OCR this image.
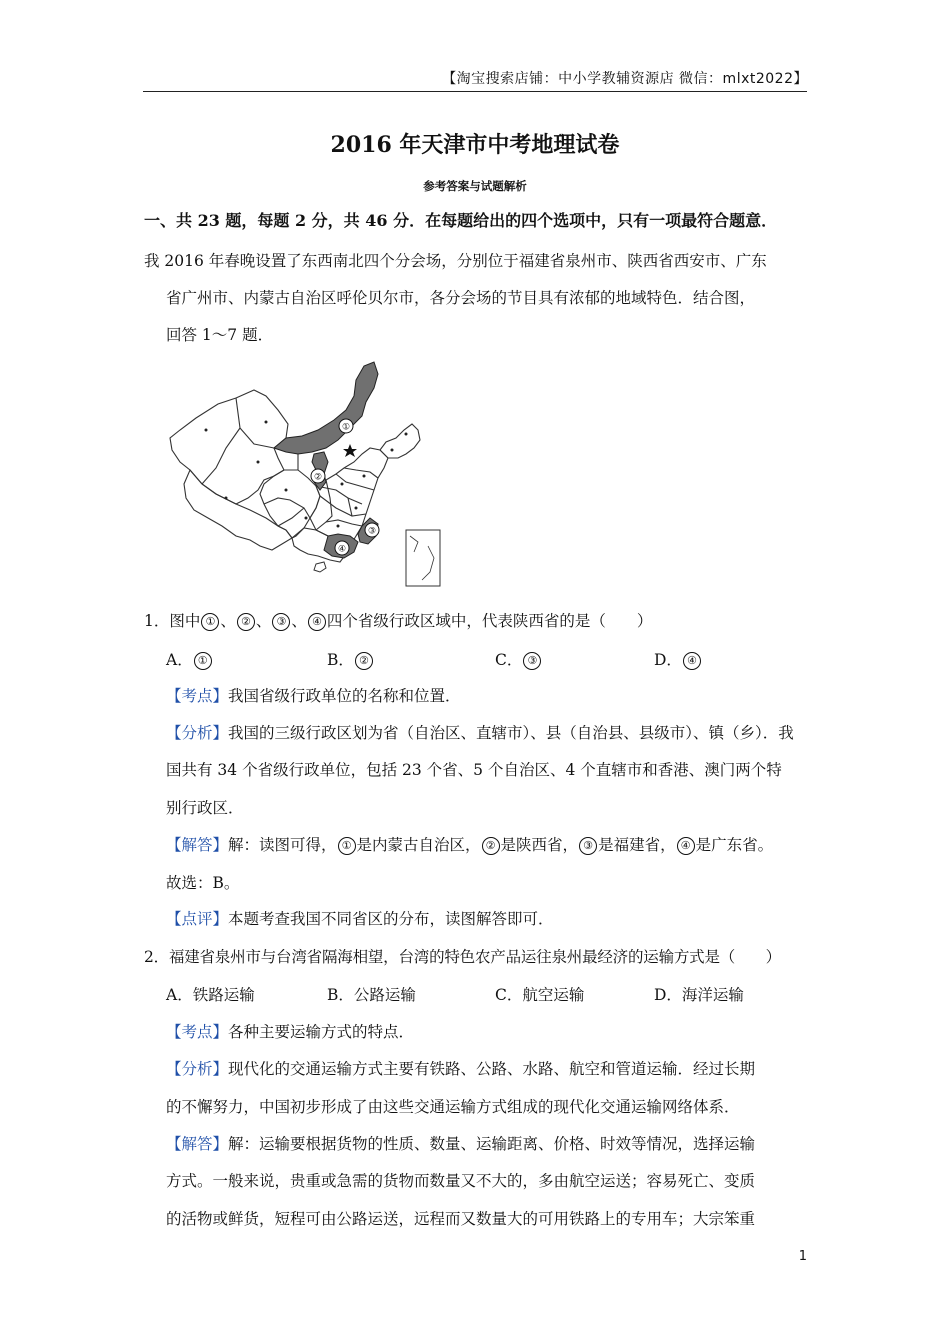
【淘宝搜索店铺：中小学教辅资源店 微信：mlxt2022】
2016 年天津市中考地理试卷
参考答案与试题解析
一、共 23 题，每题 2 分，共 46 分．在每题给出的四个选项中，只有一项最符合题意．
我 2016 年春晚设置了东西南北四个分会场，分别位于福建省泉州市、陕西省西安市、广东
省广州市、内蒙古自治区呼伦贝尔市，各分会场的节目具有浓郁的地域特色．结合图，
回答 1～7 题．
①
②
③
④
1．图中 ① 、 ② 、 ③ 、 ④ 四个省级行政区域中，代表陕西省的是（　　）
A． ①	B． ②	C． ③	D． ④
【考点】我国省级行政单位的名称和位置．
【分析】我国的三级行政区划为省（自治区、直辖市）、县（自治县、县级市）、镇（乡）．我
国共有 34 个省级行政单位，包括 23 个省、5 个自治区、4 个直辖市和香港、澳门两个特
别行政区．
【解答】解：读图可得， ① 是内蒙古自治区， ② 是陕西省， ③ 是福建省， ④ 是广东省。
故选：B。
【点评】本题考查我国不同省区的分布，读图解答即可．
2．福建省泉州市与台湾省隔海相望，台湾的特色农产品运往泉州最经济的运输方式是（　　）
A．铁路运输	B．公路运输	C．航空运输	D．海洋运输
【考点】各种主要运输方式的特点．
【分析】现代化的交通运输方式主要有铁路、公路、水路、航空和管道运输．经过长期
的不懈努力，中国初步形成了由这些交通运输方式组成的现代化交通运输网络体系．
【解答】解：运输要根据货物的性质、数量、运输距离、价格、时效等情况，选择运输
方式。一般来说，贵重或急需的货物而数量又不大的，多由航空运送；容易死亡、变质
的活物或鲜货，短程可由公路运送，远程而又数量大的可用铁路上的专用车；大宗笨重
1
